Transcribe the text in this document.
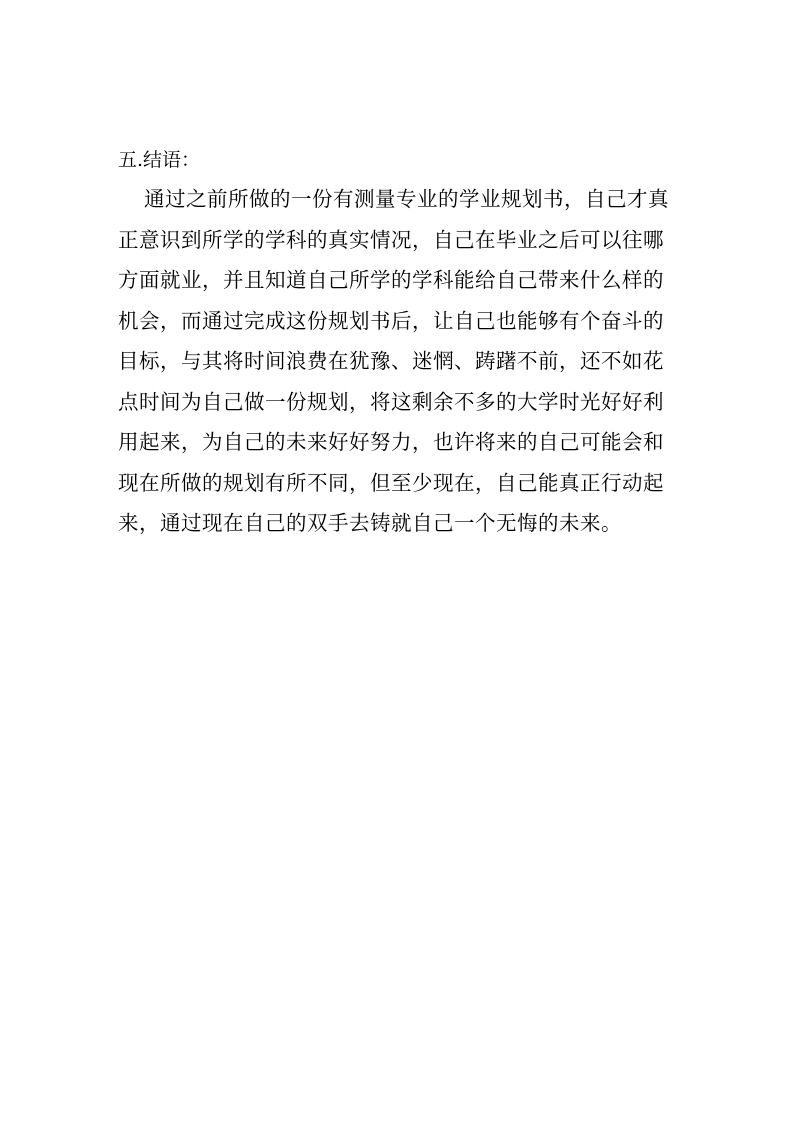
五.结语：

通过之前所做的一份有测量专业的学业规划书，自己才真

正意识到所学的学科的真实情况，自己在毕业之后可以往哪

方面就业，并且知道自己所学的学科能给自己带来什么样的

机会，而通过完成这份规划书后，让自己也能够有个奋斗的

目标，与其将时间浪费在犹豫、迷惘、踌躇不前，还不如花

点时间为自己做一份规划，将这剩余不多的大学时光好好利

用起来，为自己的未来好好努力，也许将来的自己可能会和

现在所做的规划有所不同，但至少现在，自己能真正行动起

来，通过现在自己的双手去铸就自己一个无悔的未来。
